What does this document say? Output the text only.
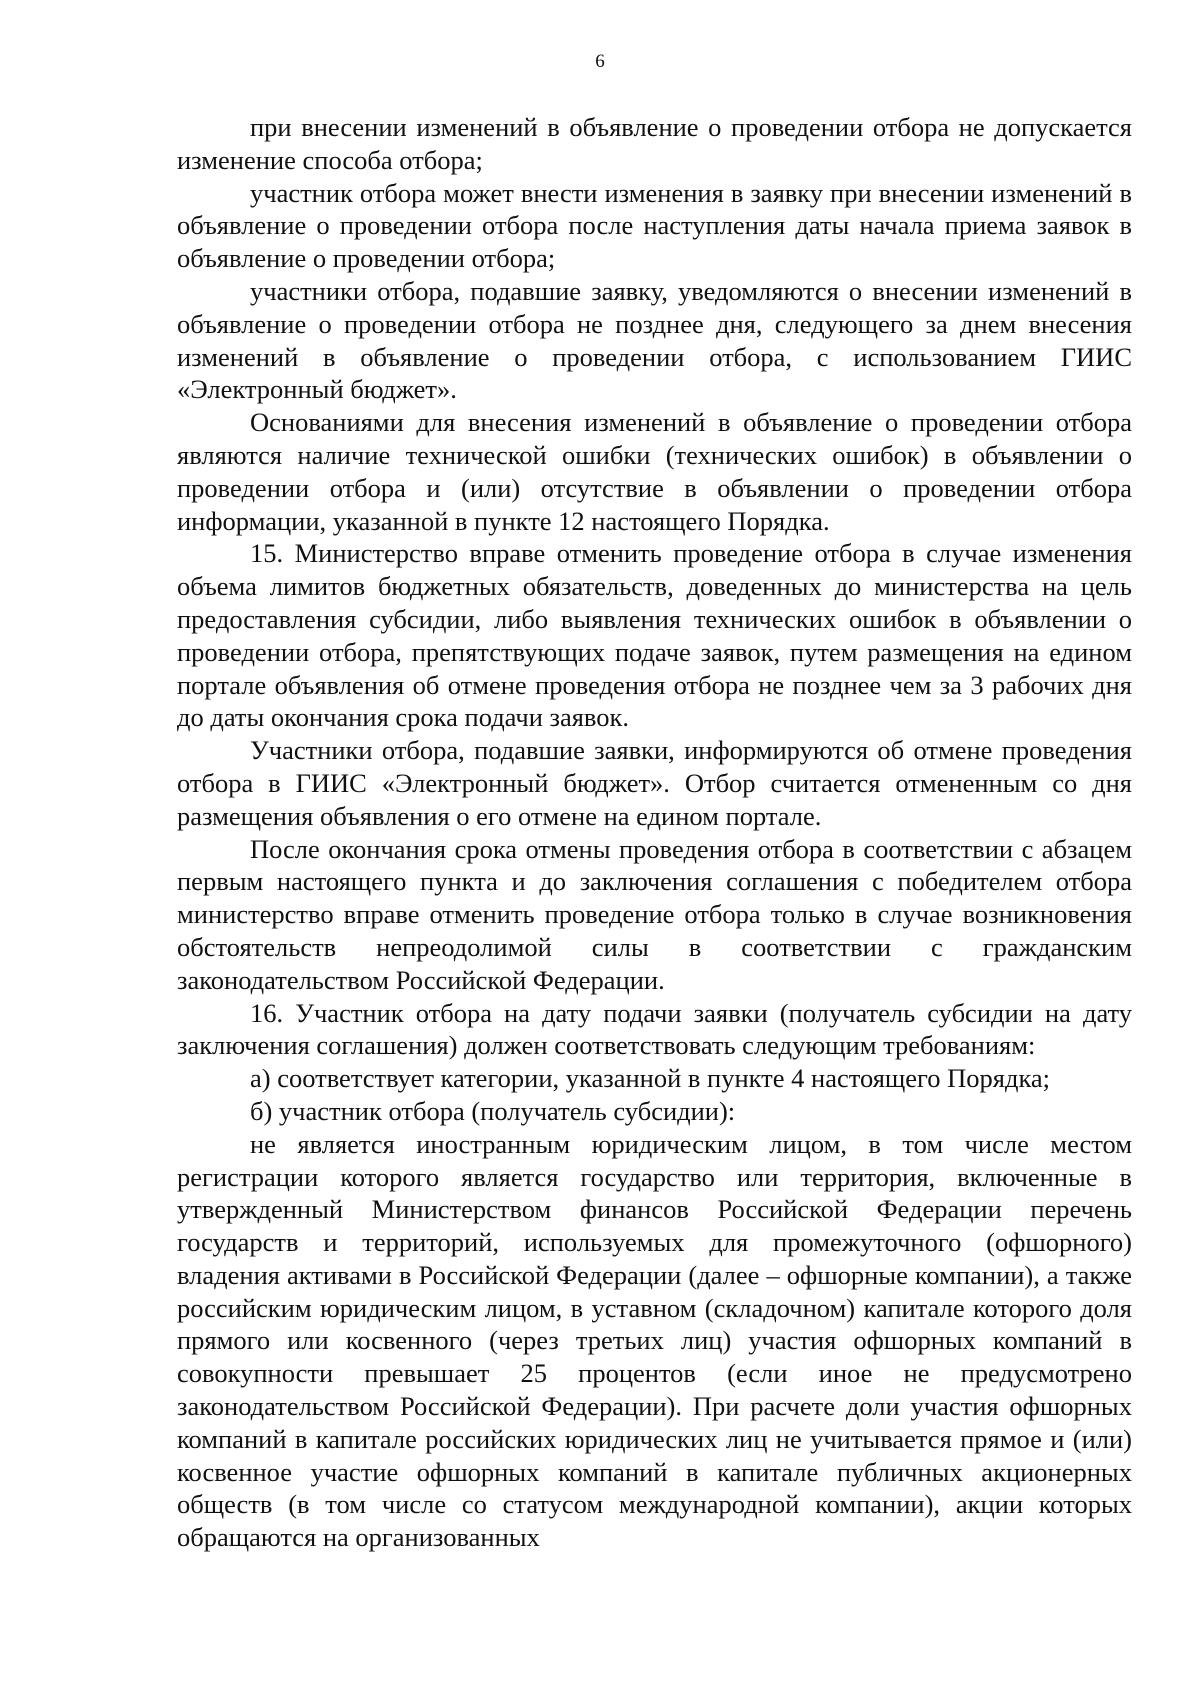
6

при внесении изменений в объявление о проведении отбора не допускается изменение способа отбора;

участник отбора может внести изменения в заявку при внесении изменений в объявление о проведении отбора после наступления даты начала приема заявок в объявление о проведении отбора;

участники отбора, подавшие заявку, уведомляются о внесении изменений в объявление о проведении отбора не позднее дня, следующего за днем внесения изменений в объявление о проведении отбора, с использованием ГИИС «Электронный бюджет».

Основаниями для внесения изменений в объявление о проведении отбора являются наличие технической ошибки (технических ошибок) в объявлении о проведении отбора и (или) отсутствие в объявлении о проведении отбора информации, указанной в пункте 12 настоящего Порядка.

15. Министерство вправе отменить проведение отбора в случае изменения объема лимитов бюджетных обязательств, доведенных до министерства на цель предоставления субсидии, либо выявления технических ошибок в объявлении о проведении отбора, препятствующих подаче заявок, путем размещения на едином портале объявления об отмене проведения отбора не позднее чем за 3 рабочих дня до даты окончания срока подачи заявок.

Участники отбора, подавшие заявки, информируются об отмене проведения отбора в ГИИС «Электронный бюджет». Отбор считается отмененным со дня размещения объявления о его отмене на едином портале.

После окончания срока отмены проведения отбора в соответствии с абзацем первым настоящего пункта и до заключения соглашения с победителем отбора министерство вправе отменить проведение отбора только в случае возникновения обстоятельств непреодолимой силы в соответствии с гражданским законодательством Российской Федерации.

16. Участник отбора на дату подачи заявки (получатель субсидии на дату заключения соглашения) должен соответствовать следующим требованиям:

а) соответствует категории, указанной в пункте 4 настоящего Порядка;

б) участник отбора (получатель субсидии):

не является иностранным юридическим лицом, в том числе местом регистрации которого является государство или территория, включенные в утвержденный Министерством финансов Российской Федерации перечень государств и территорий, используемых для промежуточного (офшорного) владения активами в Российской Федерации (далее – офшорные компании), а также российским юридическим лицом, в уставном (складочном) капитале которого доля прямого или косвенного (через третьих лиц) участия офшорных компаний в совокупности превышает 25 процентов (если иное не предусмотрено законодательством Российской Федерации). При расчете доли участия офшорных компаний в капитале российских юридических лиц не учитывается прямое и (или) косвенное участие офшорных компаний в капитале публичных акционерных обществ (в том числе со статусом международной компании), акции которых обращаются на организованных
